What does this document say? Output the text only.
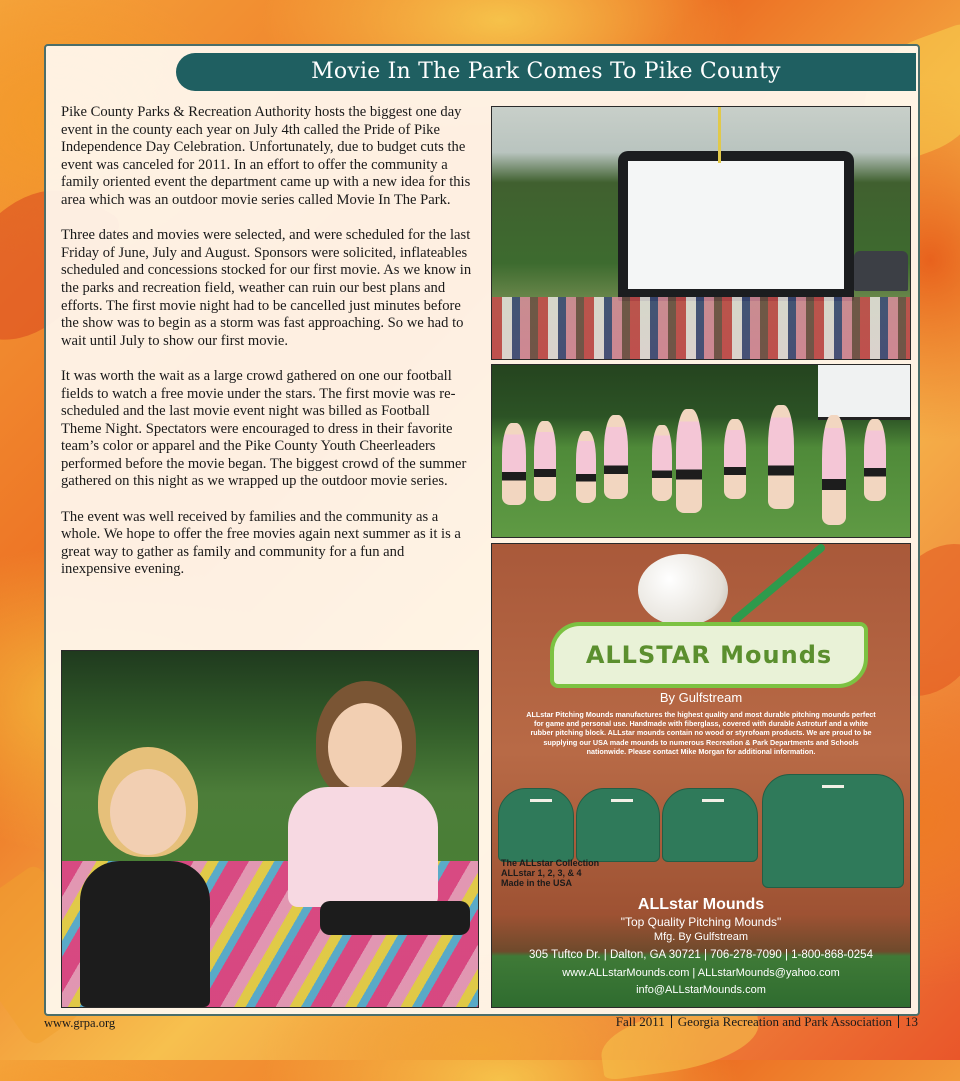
Movie In The Park Comes To Pike County

Pike County Parks & Recreation Authority hosts the biggest one day event in the county each year on July 4th called the Pride of Pike Independence Day Celebration. Unfortunately, due to budget cuts the event was canceled for 2011. In an effort to offer the community a family oriented event the department came up with a new idea for this area which was an outdoor movie series called Movie In The Park.

Three dates and movies were selected, and were scheduled for the last Friday of June, July and August. Sponsors were solicited, inflateables scheduled and concessions stocked for our first movie. As we know in the parks and recreation field, weather can ruin our best plans and efforts. The first movie night had to be cancelled just minutes before the show was to begin as a storm was fast approaching. So we had to wait until July to show our first movie.

It was worth the wait as a large crowd gathered on one our football fields to watch a free movie under the stars. The first movie was re-scheduled and the last movie event night was billed as Football Theme Night. Spectators were encouraged to dress in their favorite team’s color or apparel and the Pike County Youth Cheerleaders performed before the movie began. The biggest crowd of the summer gathered on this night as we wrapped up the outdoor movie series.

The event was well received by families and the community as a whole. We hope to offer the free movies again next summer as it is a great way to gather as family and community for a fun and inexpensive evening.

ALLSTAR Mounds
By Gulfstream
ALLstar Pitching Mounds manufactures the highest quality and most durable pitching mounds perfect for game and personal use. Handmade with fiberglass, covered with durable Astroturf and a white rubber pitching block. ALLstar mounds contain no wood or styrofoam products. We are proud to be supplying our USA made mounds to numerous Recreation & Park Departments and Schools nationwide. Please contact Mike Morgan for additional information.
The ALLstar Collection
ALLstar 1, 2, 3, & 4
Made in the USA
ALLstar Mounds
"Top Quality Pitching Mounds"
Mfg. By Gulfstream
305 Tuftco Dr. | Dalton, GA 30721 | 706-278-7090 | 1-800-868-0254
www.ALLstarMounds.com | ALLstarMounds@yahoo.com
info@ALLstarMounds.com
www.grpa.org	Fall 2011 Georgia Recreation and Park Association 13
